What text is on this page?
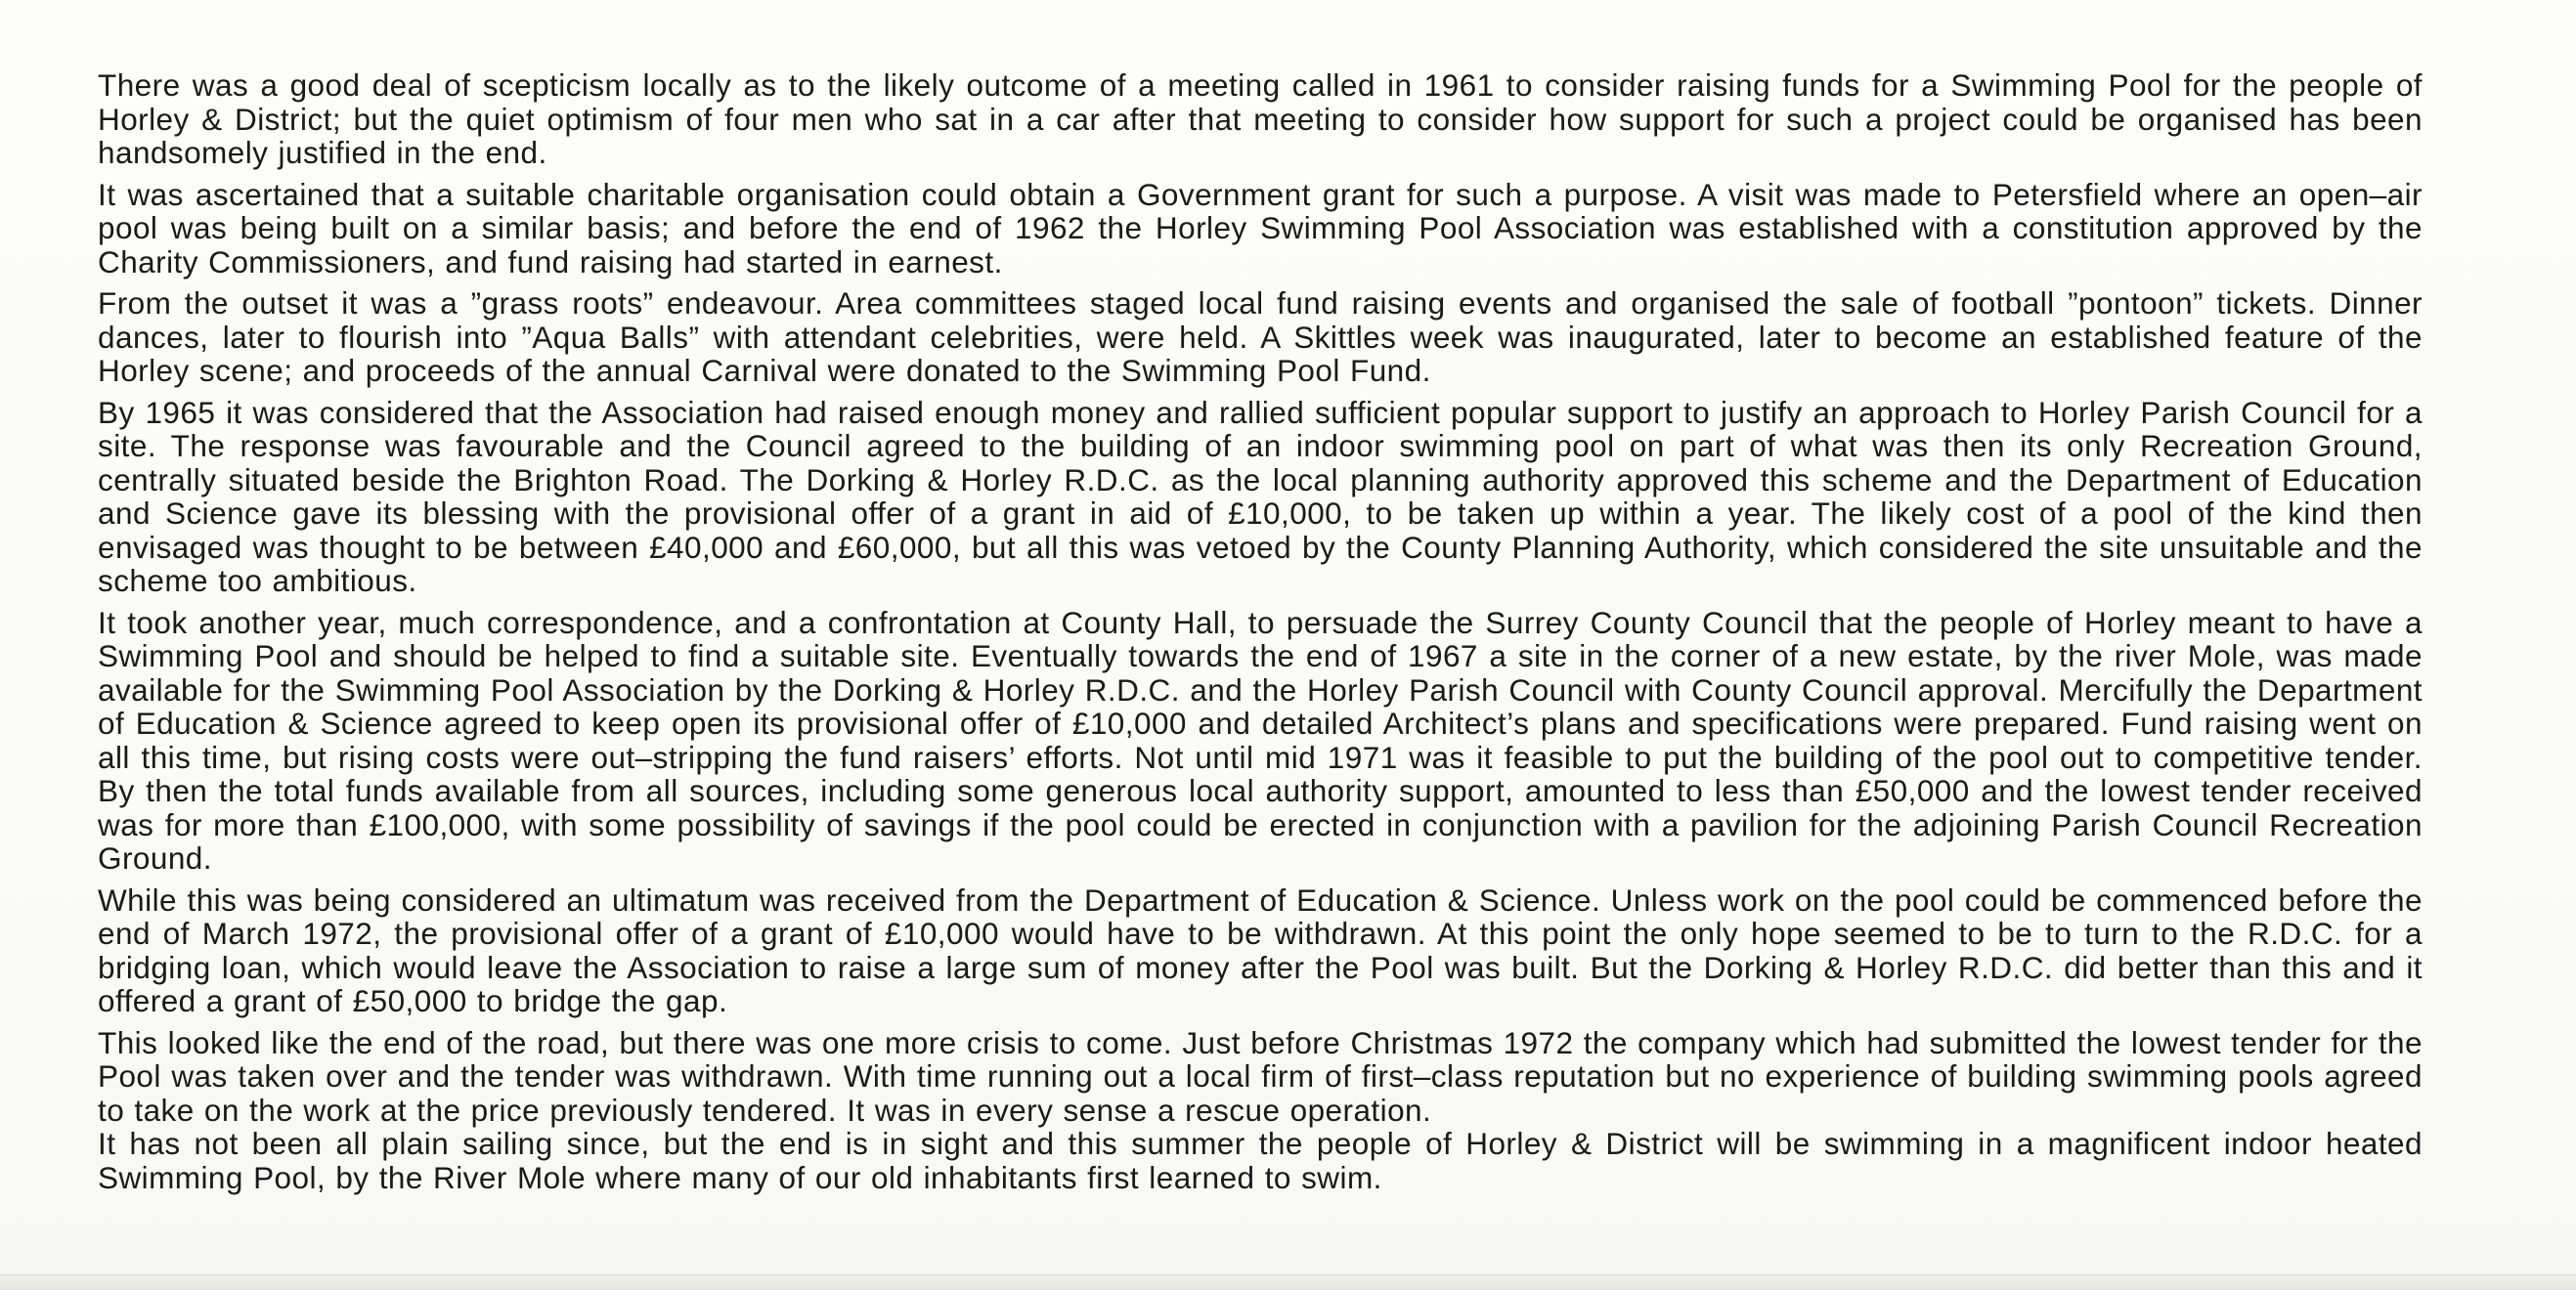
There was a good deal of scepticism locally as to the likely outcome of a meeting called in 1961 to consider raising funds for a Swimming Pool for the people of Horley & District; but the quiet optimism of four men who sat in a car after that meeting to consider how support for such a project could be organised has been handsomely justified in the end.

It was ascertained that a suitable charitable organisation could obtain a Government grant for such a purpose. A visit was made to Petersfield where an open–air pool was being built on a similar basis; and before the end of 1962 the Horley Swimming Pool Association was established with a constitution approved by the Charity Commissioners, and fund raising had started in earnest.

From the outset it was a ”grass roots” endeavour. Area committees staged local fund raising events and organised the sale of football ”pontoon” tickets. Dinner dances, later to flourish into ”Aqua Balls” with attendant celebrities, were held. A Skittles week was inaugurated, later to become an established feature of the Horley scene; and proceeds of the annual Carnival were donated to the Swimming Pool Fund.

By 1965 it was considered that the Association had raised enough money and rallied sufficient popular support to justify an approach to Horley Parish Council for a site. The response was favourable and the Council agreed to the building of an indoor swimming pool on part of what was then its only Recreation Ground, centrally situated beside the Brighton Road. The Dorking & Horley R.D.C. as the local planning authority approved this scheme and the Department of Education and Science gave its blessing with the provisional offer of a grant in aid of £10,000, to be taken up within a year. The likely cost of a pool of the kind then envisaged was thought to be between £40,000 and £60,000, but all this was vetoed by the County Planning Authority, which considered the site unsuitable and the scheme too ambitious.

It took another year, much correspondence, and a confrontation at County Hall, to persuade the Surrey County Council that the people of Horley meant to have a Swimming Pool and should be helped to find a suitable site. Eventually towards the end of 1967 a site in the corner of a new estate, by the river Mole, was made available for the Swimming Pool Association by the Dorking & Horley R.D.C. and the Horley Parish Council with County Council approval. Mercifully the Department of Education & Science agreed to keep open its provisional offer of £10,000 and detailed Architect’s plans and specifications were prepared. Fund raising went on all this time, but rising costs were out–stripping the fund raisers’ efforts. Not until mid 1971 was it feasible to put the building of the pool out to competitive tender. By then the total funds available from all sources, including some generous local authority support, amounted to less than £50,000 and the lowest tender received was for more than £100,000, with some possibility of savings if the pool could be erected in conjunction with a pavilion for the adjoining Parish Council Recreation Ground.

While this was being considered an ultimatum was received from the Department of Education & Science. Unless work on the pool could be commenced before the end of March 1972, the provisional offer of a grant of £10,000 would have to be withdrawn. At this point the only hope seemed to be to turn to the R.D.C. for a bridging loan, which would leave the Association to raise a large sum of money after the Pool was built. But the Dorking & Horley R.D.C. did better than this and it offered a grant of £50,000 to bridge the gap.

This looked like the end of the road, but there was one more crisis to come. Just before Christmas 1972 the company which had submitted the lowest tender for the Pool was taken over and the tender was withdrawn. With time running out a local firm of first–class reputation but no experience of building swimming pools agreed to take on the work at the price previously tendered. It was in every sense a rescue operation.

It has not been all plain sailing since, but the end is in sight and this summer the people of Horley & District will be swimming in a magnificent indoor heated Swimming Pool, by the River Mole where many of our old inhabitants first learned to swim.
